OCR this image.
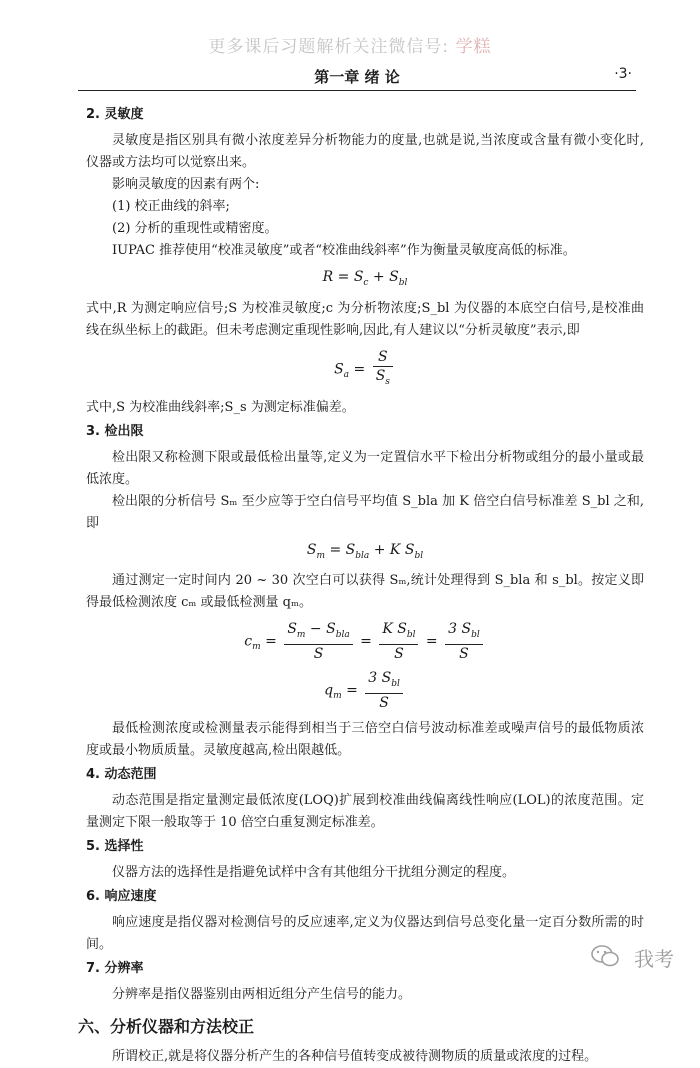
更多课后习题解析关注微信号: 学糕
第一章 绪 论	·3·
2. 灵敏度

灵敏度是指区别具有微小浓度差异分析物能力的度量,也就是说,当浓度或含量有微小变化时,仪器或方法均可以觉察出来。

影响灵敏度的因素有两个:

(1) 校正曲线的斜率;

(2) 分析的重现性或精密度。

IUPAC 推荐使用“校准灵敏度”或者“校准曲线斜率”作为衡量灵敏度高低的标准。

$R = S_c + S_{bl}$

式中,R 为测定响应信号;S 为校准灵敏度;c 为分析物浓度;S_bl 为仪器的本底空白信号,是校准曲线在纵坐标上的截距。但未考虑测定重现性影响,因此,有人建议以“分析灵敏度”表示,即

$S_a = \frac{S}{S_s}$

式中,S 为校准曲线斜率;S_s 为测定标准偏差。

3. 检出限

检出限又称检测下限或最低检出量等,定义为一定置信水平下检出分析物或组分的最小量或最低浓度。

检出限的分析信号 Sₘ 至少应等于空白信号平均值 S_bla 加 K 倍空白信号标准差 S_bl 之和,即

$S_m = S_{bla} + K$ $S_{bl}$

通过测定一定时间内 20 ~ 30 次空白可以获得 Sₘ,统计处理得到 S_bla 和 s_bl。按定义即得最低检测浓度 cₘ 或最低检测量 qₘ。

$c_m = \frac{S_m - S_{bla}}{S} = \frac{K S_{bl}}{S} = \frac{3 S_{bl}}{S}$
$q_m = \frac{3 S_{bl}}{S}$

最低检测浓度或检测量表示能得到相当于三倍空白信号波动标准差或噪声信号的最低物质浓度或最小物质质量。灵敏度越高,检出限越低。

4. 动态范围

动态范围是指定量测定最低浓度(LOQ)扩展到校准曲线偏离线性响应(LOL)的浓度范围。定量测定下限一般取等于 10 倍空白重复测定标准差。

5. 选择性

仪器方法的选择性是指避免试样中含有其他组分干扰组分测定的程度。

6. 响应速度

响应速度是指仪器对检测信号的反应速率,定义为仪器达到信号总变化量一定百分数所需的时间。

7. 分辨率

分辨率是指仪器鉴别由两相近组分产生信号的能力。

六、分析仪器和方法校正

所谓校正,就是将仪器分析产生的各种信号值转变成被待测物质的质量或浓度的过程。

我考
